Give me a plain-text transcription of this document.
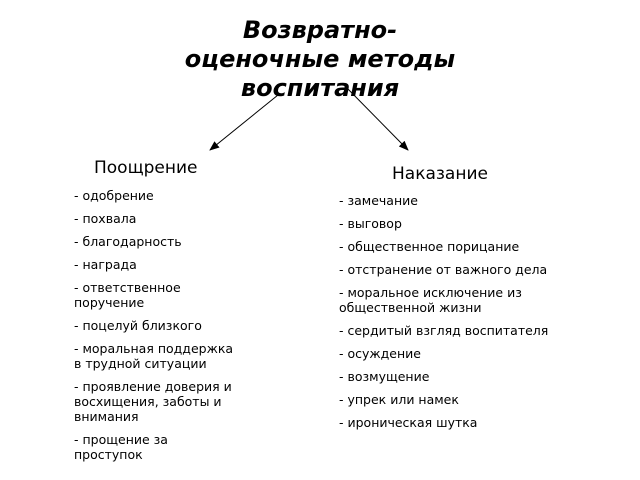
Возвратно-
оценочные методы
воспитания
Поощрение
- одобрение
- похвала
- благодарность
- награда
- ответственное поручение
- поцелуй близкого
- моральная поддержка в трудной ситуации
- проявление доверия и восхищения, заботы и внимания
- прощение за проступок
Наказание
- замечание
- выговор
- общественное порицание
- отстранение от важного дела
- моральное исключение из общественной жизни
- сердитый взгляд воспитателя
- осуждение
- возмущение
- упрек или намек
- ироническая шутка
